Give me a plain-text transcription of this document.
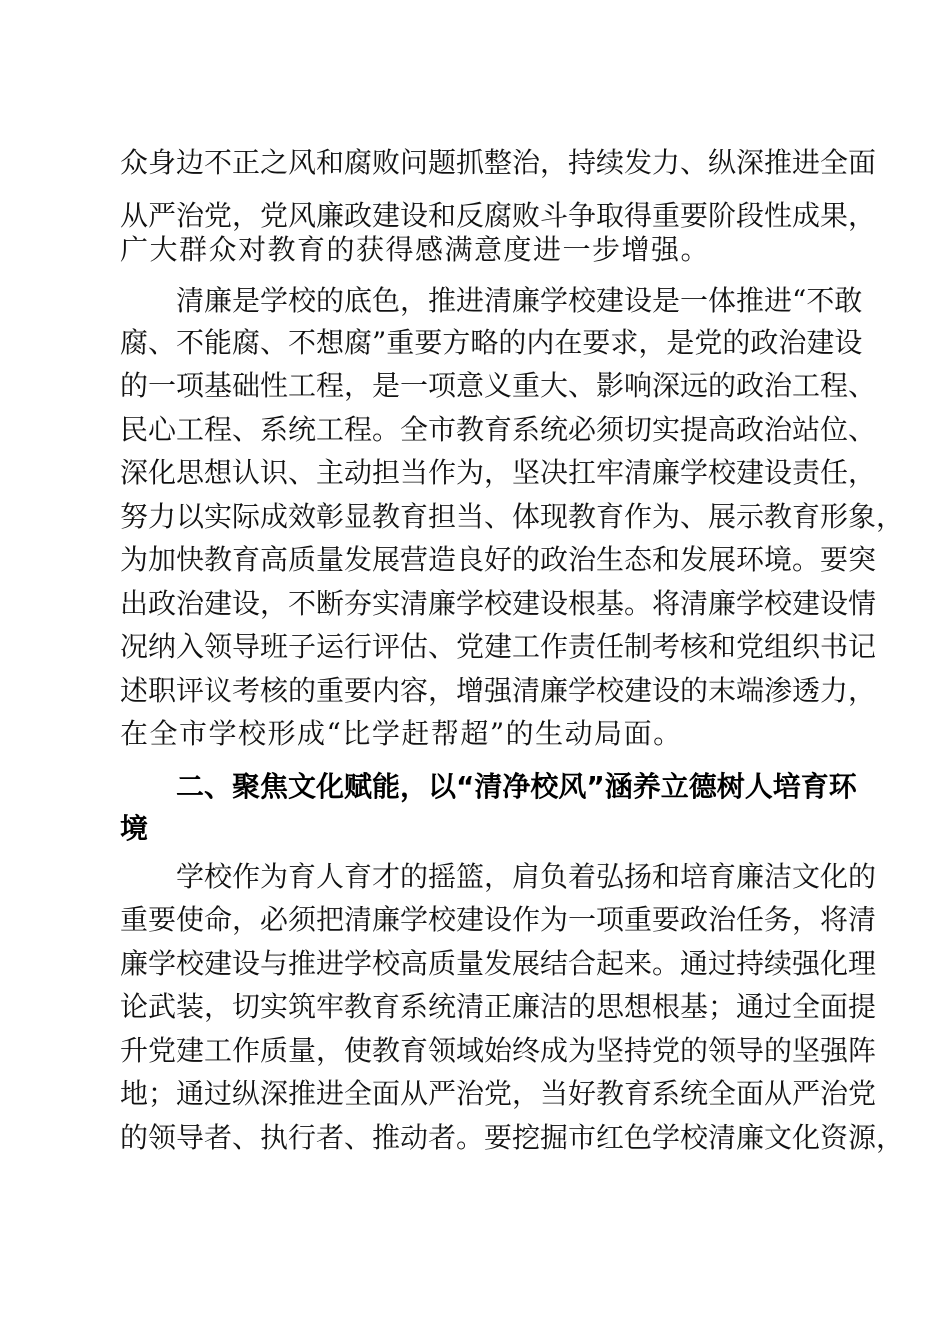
众身边不正之风和腐败问题抓整治，持续发力、纵深推进全面
从严治党，党风廉政建设和反腐败斗争取得重要阶段性成果，
广大群众对教育的获得感满意度进一步增强。
清廉是学校的底色，推进清廉学校建设是一体推进“不敢
腐、不能腐、不想腐”重要方略的内在要求，是党的政治建设
的一项基础性工程，是一项意义重大、影响深远的政治工程、
民心工程、系统工程。全市教育系统必须切实提高政治站位、
深化思想认识、主动担当作为，坚决扛牢清廉学校建设责任，
努力以实际成效彰显教育担当、体现教育作为、展示教育形象，
为加快教育高质量发展营造良好的政治生态和发展环境。要突
出政治建设，不断夯实清廉学校建设根基。将清廉学校建设情
况纳入领导班子运行评估、党建工作责任制考核和党组织书记
述职评议考核的重要内容，增强清廉学校建设的末端渗透力，
在全市学校形成“比学赶帮超”的生动局面。
二、聚焦文化赋能，以“清净校风”涵养立德树人培育环
境
学校作为育人育才的摇篮，肩负着弘扬和培育廉洁文化的
重要使命，必须把清廉学校建设作为一项重要政治任务，将清
廉学校建设与推进学校高质量发展结合起来。通过持续强化理
论武装，切实筑牢教育系统清正廉洁的思想根基；通过全面提
升党建工作质量，使教育领域始终成为坚持党的领导的坚强阵
地；通过纵深推进全面从严治党，当好教育系统全面从严治党
的领导者、执行者、推动者。要挖掘市红色学校清廉文化资源，
